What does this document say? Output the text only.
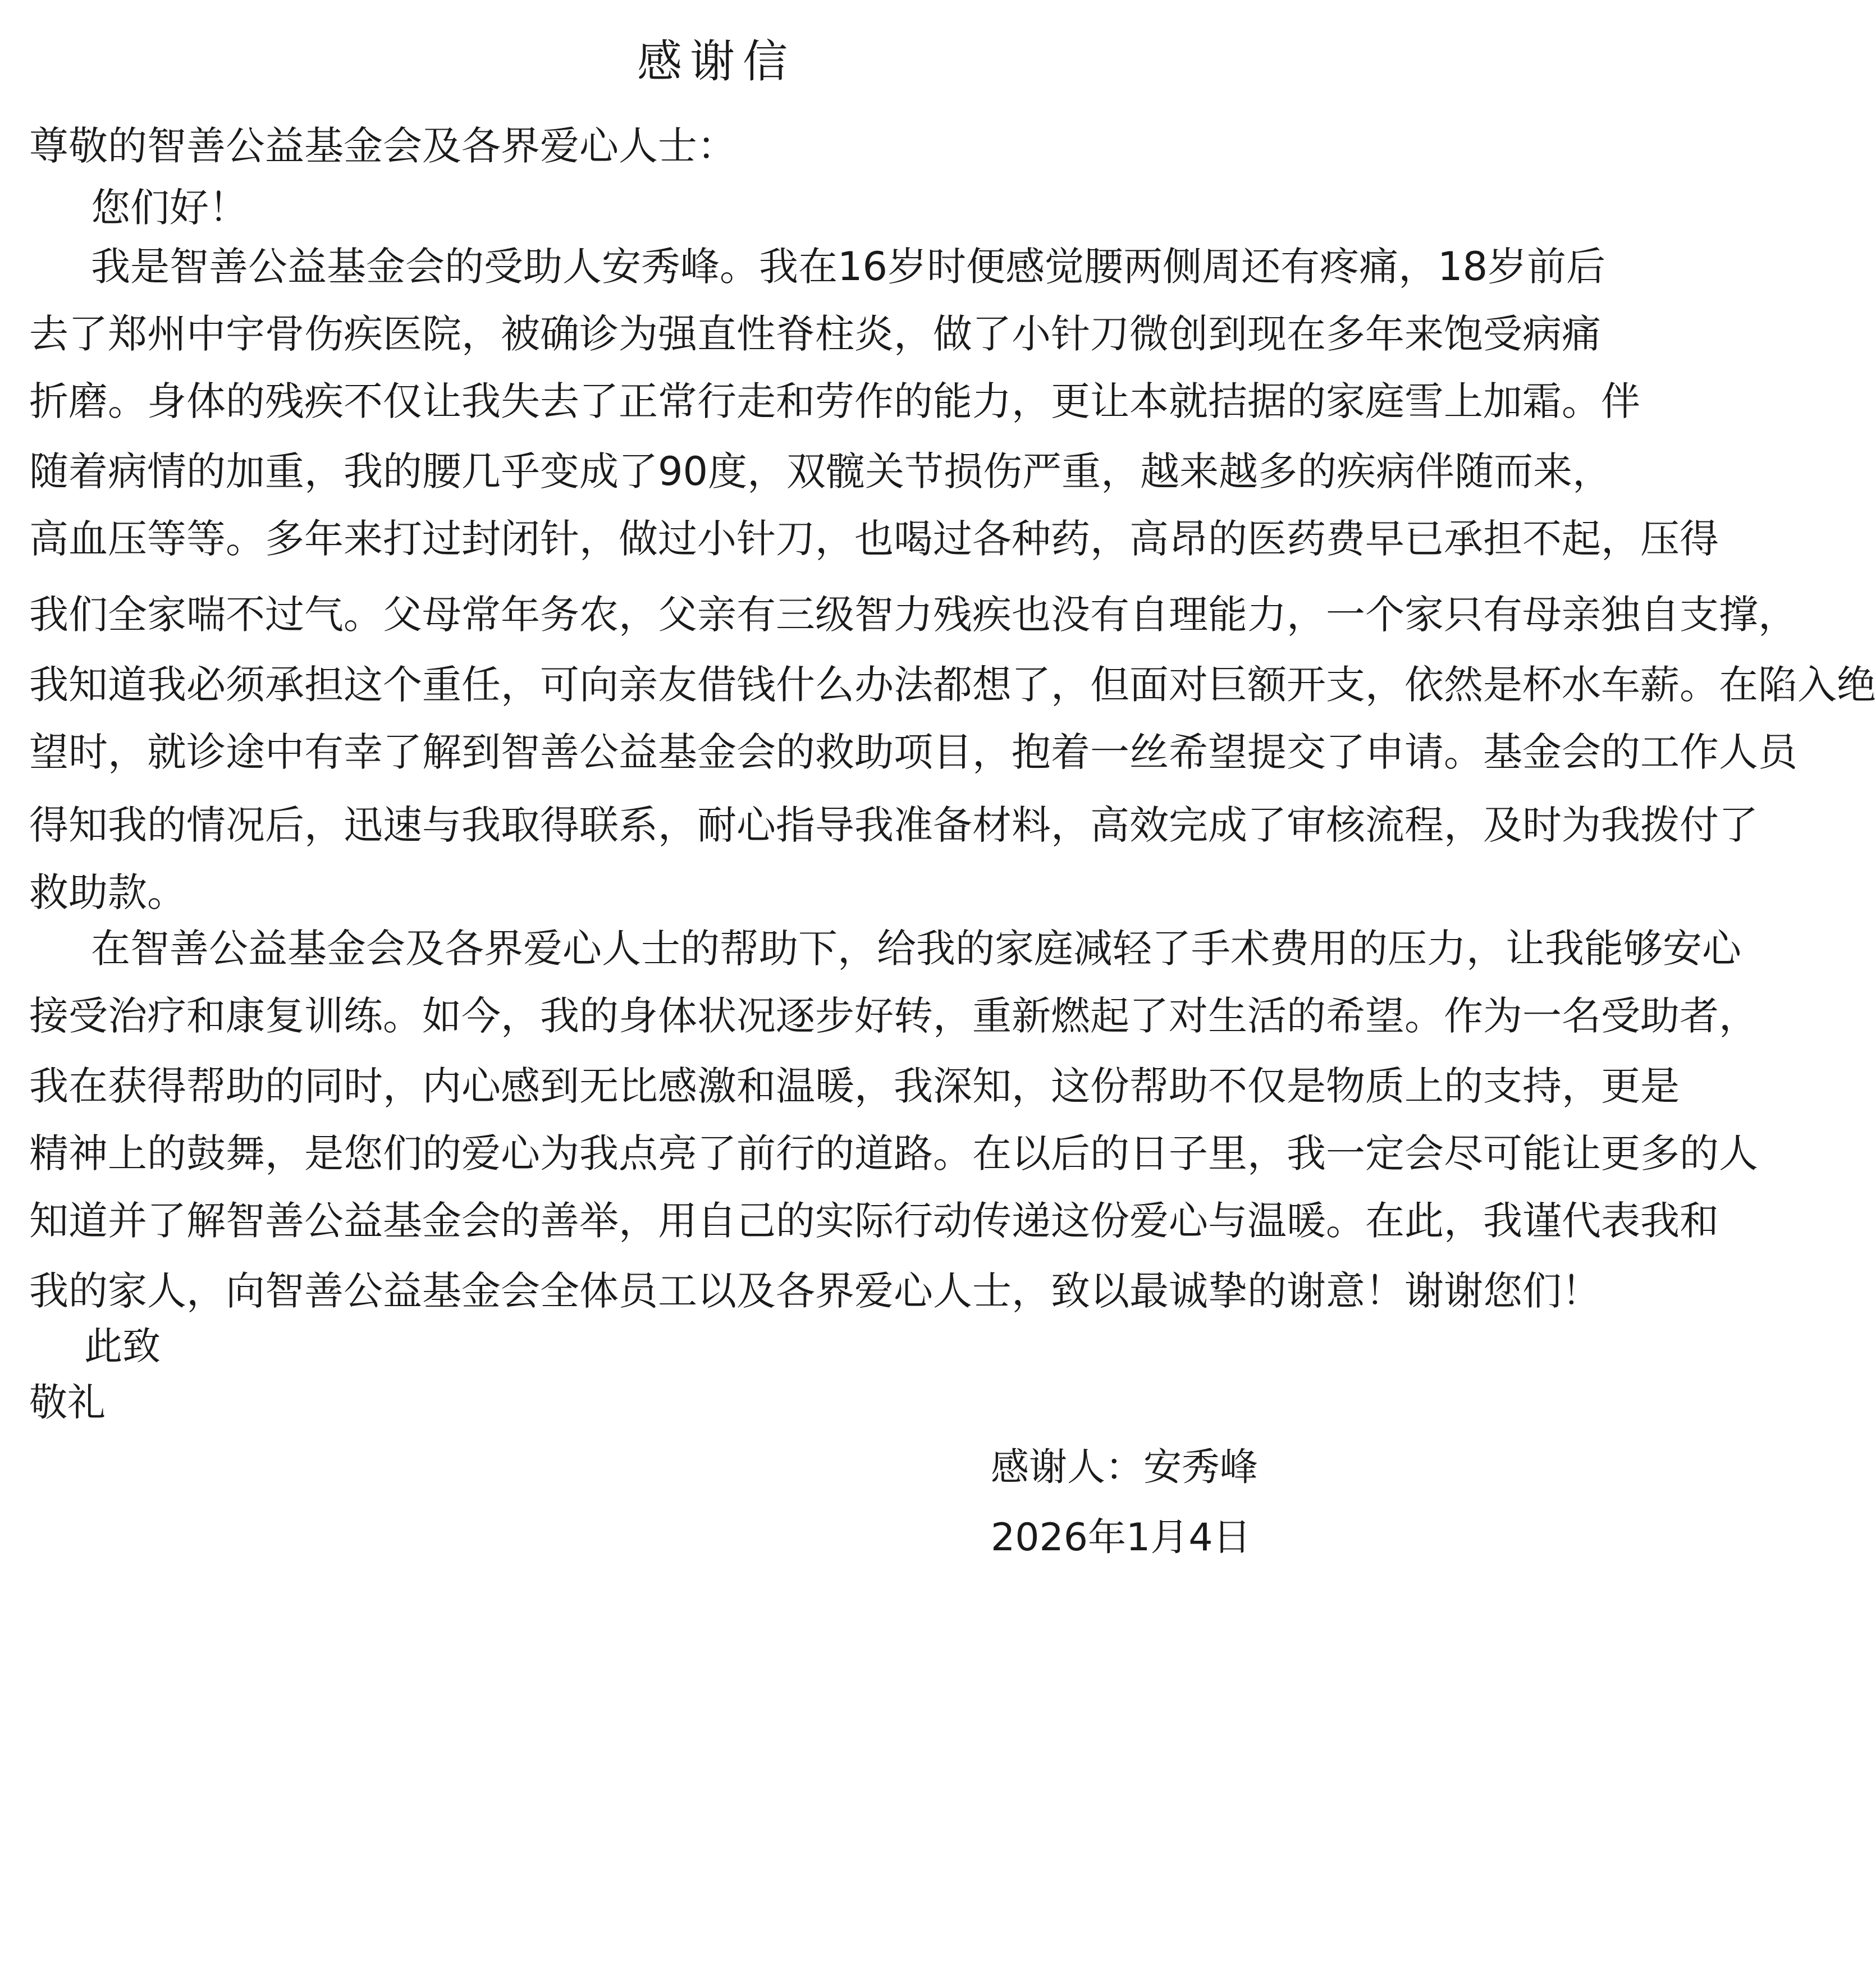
感谢信
尊敬的智善公益基金会及各界爱心人士：
您们好！
我是智善公益基金会的受助人安秀峰。我在16岁时便感觉腰两侧周还有疼痛，18岁前后
去了郑州中宇骨伤疾医院，被确诊为强直性脊柱炎，做了小针刀微创到现在多年来饱受病痛
折磨。身体的残疾不仅让我失去了正常行走和劳作的能力，更让本就拮据的家庭雪上加霜。伴
随着病情的加重，我的腰几乎变成了90度，双髋关节损伤严重，越来越多的疾病伴随而来，
高血压等等。多年来打过封闭针，做过小针刀，也喝过各种药，高昂的医药费早已承担不起，压得
我们全家喘不过气。父母常年务农，父亲有三级智力残疾也没有自理能力，一个家只有母亲独自支撑，
我知道我必须承担这个重任，可向亲友借钱什么办法都想了，但面对巨额开支，依然是杯水车薪。在陷入绝
望时，就诊途中有幸了解到智善公益基金会的救助项目，抱着一丝希望提交了申请。基金会的工作人员
得知我的情况后，迅速与我取得联系，耐心指导我准备材料，高效完成了审核流程，及时为我拨付了
救助款。
在智善公益基金会及各界爱心人士的帮助下，给我的家庭减轻了手术费用的压力，让我能够安心
接受治疗和康复训练。如今，我的身体状况逐步好转，重新燃起了对生活的希望。作为一名受助者，
我在获得帮助的同时，内心感到无比感激和温暖，我深知，这份帮助不仅是物质上的支持，更是
精神上的鼓舞，是您们的爱心为我点亮了前行的道路。在以后的日子里，我一定会尽可能让更多的人
知道并了解智善公益基金会的善举，用自己的实际行动传递这份爱心与温暖。在此，我谨代表我和
我的家人，向智善公益基金会全体员工以及各界爱心人士，致以最诚挚的谢意！谢谢您们！
此致
敬礼
感谢人：安秀峰
2026年1月4日
